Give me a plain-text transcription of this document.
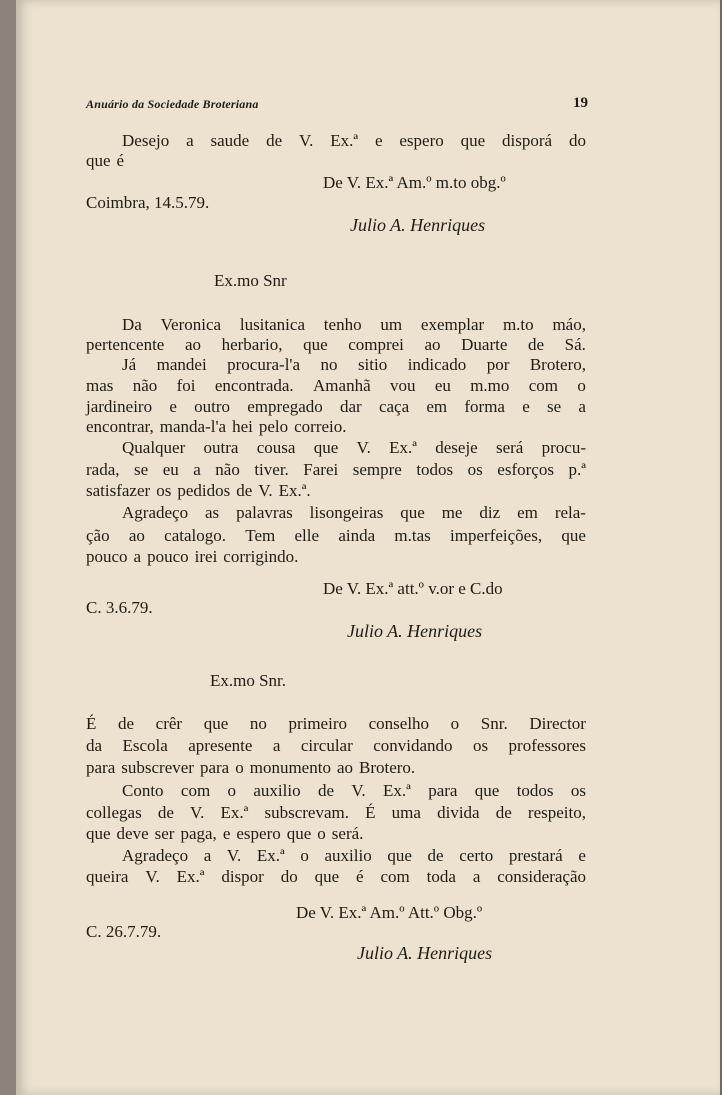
Anuário da Sociedade Broteriana	19
Desejo a saude de V. Ex.ª e espero que disporá do
que é
De V. Ex.ª Am.º m.to obg.º
Coimbra, 14.5.79.
Julio A. Henriques
Ex.mo Snr
Da Veronica lusitanica tenho um exemplar m.to máo,
pertencente ao herbario, que comprei ao Duarte de Sá.
Já mandei procura-l'a no sitio indicado por Brotero,
mas não foi encontrada. Amanhã vou eu m.mo com o
jardineiro e outro empregado dar caça em forma e se a
encontrar, manda-l'a hei pelo correio.
Qualquer outra cousa que V. Ex.ª deseje será procu-
rada, se eu a não tiver. Farei sempre todos os esforços p.ª
satisfazer os pedidos de V. Ex.ª.
Agradeço as palavras lisongeiras que me diz em rela-
ção ao catalogo. Tem elle ainda m.tas imperfeições, que
pouco a pouco irei corrigindo.
De V. Ex.ª att.º v.or e C.do
C. 3.6.79.
Julio A. Henriques
Ex.mo Snr.
É de crêr que no primeiro conselho o Snr. Director
da Escola apresente a circular convidando os professores
para subscrever para o monumento ao Brotero.
Conto com o auxilio de V. Ex.ª para que todos os
collegas de V. Ex.ª subscrevam. É uma divida de respeito,
que deve ser paga, e espero que o será.
Agradeço a V. Ex.ª o auxilio que de certo prestará e
queira V. Ex.ª dispor do que é com toda a consideração
De V. Ex.ª Am.º Att.º Obg.º
C. 26.7.79.
Julio A. Henriques
